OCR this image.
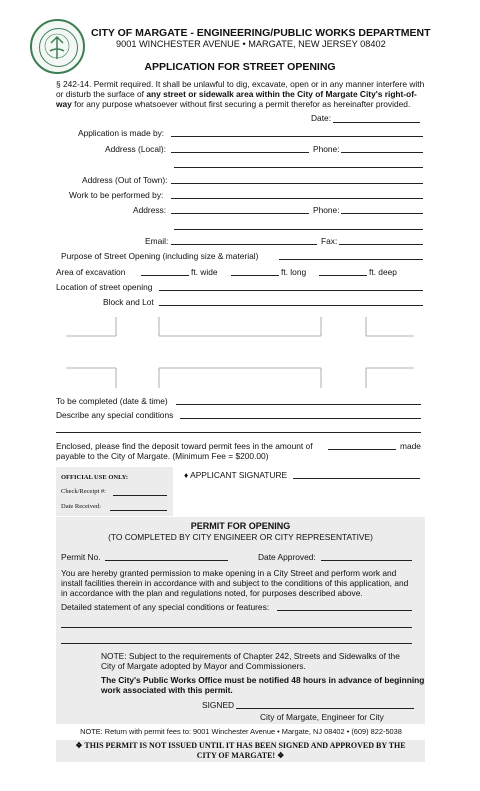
CITY OF MARGATE - ENGINEERING/PUBLIC WORKS DEPARTMENT
9001 WINCHESTER AVENUE • MARGATE, NEW JERSEY 08402
APPLICATION FOR STREET OPENING
§ 242-14. Permit required. It shall be unlawful to dig, excavate, open or in any manner interfere with
or disturb the surface of any street or sidewalk area within the City of Margate City's right-of-
way for any purpose whatsoever without first securing a permit therefor as hereinafter provided.
Date:
Application is made by:
Address (Local):	Phone:
Address (Out of Town):
Work to be performed by:
Address:	Phone:
Email:	Fax:
Purpose of Street Opening (including size & material)
Area of excavation	ft. wide	ft. long	ft. deep
Location of street opening
Block and Lot
To be completed (date & time)
Describe any special conditions
Enclosed, please find the deposit toward permit fees in the amount of	made
payable to the City of Margate. (Minimum Fee = $200.00)
OFFICIAL USE ONLY:
Check/Receipt #:
Date Received:
♦ APPLICANT SIGNATURE
PERMIT FOR OPENING
(TO COMPLETED BY CITY ENGINEER OR CITY REPRESENTATIVE)
Permit No.	Date Approved:
You are hereby granted permission to make opening in a City Street and perform work and
install facilities therein in accordance with and subject to the conditions of this application, and
in accordance with the plan and regulations noted, for purposes described above.
Detailed statement of any special conditions or features:
NOTE: Subject to the requirements of Chapter 242, Streets and Sidewalks of the
City of Margate adopted by Mayor and Commissioners.
The City's Public Works Office must be notified 48 hours in advance of beginning
work associated with this permit.
SIGNED
City of Margate, Engineer for City
NOTE: Return with permit fees to: 9001 Winchester Avenue • Margate, NJ 08402 • (609) 822-5038
❖ THIS PERMIT IS NOT ISSUED UNTIL IT HAS BEEN SIGNED AND APPROVED BY THE
CITY OF MARGATE! ❖
